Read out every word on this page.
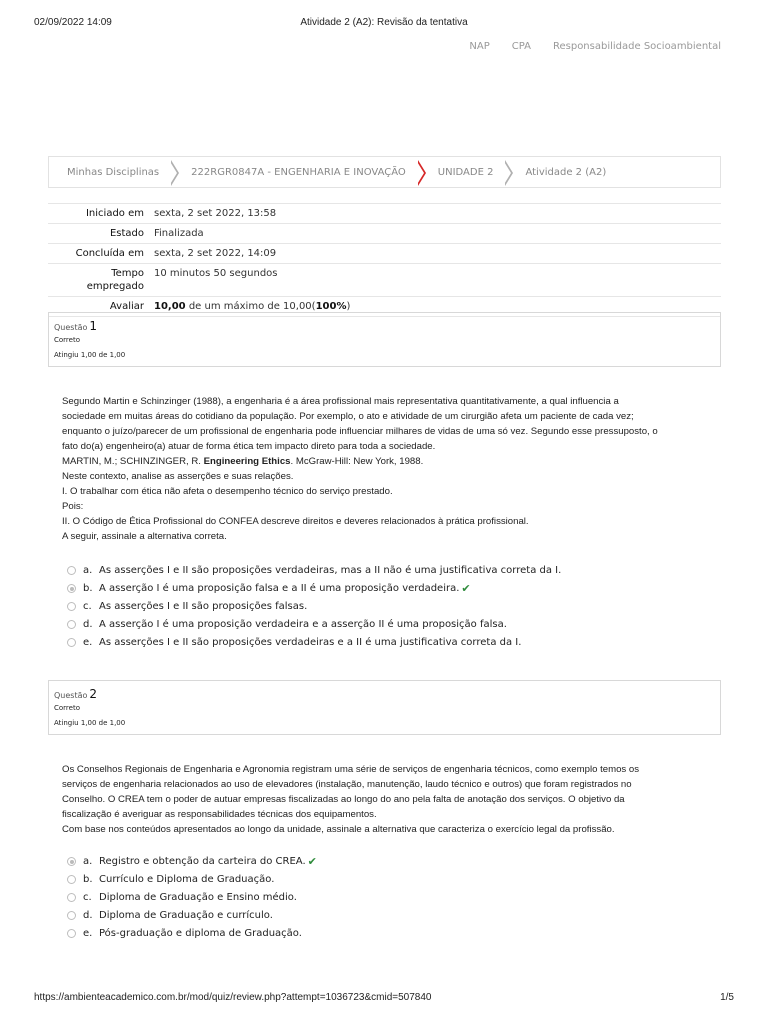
02/09/2022 14:09	Atividade 2 (A2): Revisão da tentativa
NAP CPA Responsabilidade Socioambiental
Minhas Disciplinas	222RGR0847A - ENGENHARIA E INOVAÇÃO	UNIDADE 2	Atividade 2 (A2)
Iniciado em	sexta, 2 set 2022, 13:58
Estado	Finalizada
Concluída em	sexta, 2 set 2022, 14:09
Tempo
empregado	10 minutos 50 segundos
Avaliar	10,00 de um máximo de 10,00(100%)
Questão 1
Correto
Atingiu 1,00 de 1,00

Segundo Martin e Schinzinger (1988), a engenharia é a área profissional mais representativa quantitativamente, a qual influencia a

sociedade em muitas áreas do cotidiano da população. Por exemplo, o ato e atividade de um cirurgião afeta um paciente de cada vez;

enquanto o juízo/parecer de um profissional de engenharia pode influenciar milhares de vidas de uma só vez. Segundo esse pressuposto, o

fato do(a) engenheiro(a) atuar de forma ética tem impacto direto para toda a sociedade.

MARTIN, M.; SCHINZINGER, R. Engineering Ethics. McGraw-Hill: New York, 1988.

Neste contexto, analise as asserções e suas relações.

I. O trabalhar com ética não afeta o desempenho técnico do serviço prestado.

Pois:

II. O Código de Ética Profissional do CONFEA descreve direitos e deveres relacionados à prática profissional.

A seguir, assinale a alternativa correta.

a. As asserções I e II são proposições verdadeiras, mas a II não é uma justificativa correta da I.
b. A asserção I é uma proposição falsa e a II é uma proposição verdadeira. ✔
c. As asserções I e II são proposições falsas.
d. A asserção I é uma proposição verdadeira e a asserção II é uma proposição falsa.
e. As asserções I e II são proposições verdadeiras e a II é uma justificativa correta da I.
Questão 2
Correto
Atingiu 1,00 de 1,00

Os Conselhos Regionais de Engenharia e Agronomia registram uma série de serviços de engenharia técnicos, como exemplo temos os

serviços de engenharia relacionados ao uso de elevadores (instalação, manutenção, laudo técnico e outros) que foram registrados no

Conselho. O CREA tem o poder de autuar empresas fiscalizadas ao longo do ano pela falta de anotação dos serviços. O objetivo da

fiscalização é averiguar as responsabilidades técnicas dos equipamentos.

Com base nos conteúdos apresentados ao longo da unidade, assinale a alternativa que caracteriza o exercício legal da profissão.

a. Registro e obtenção da carteira do CREA. ✔
b. Currículo e Diploma de Graduação.
c. Diploma de Graduação e Ensino médio.
d. Diploma de Graduação e currículo.
e. Pós-graduação e diploma de Graduação.
https://ambienteacademico.com.br/mod/quiz/review.php?attempt=1036723&cmid=507840	1/5
